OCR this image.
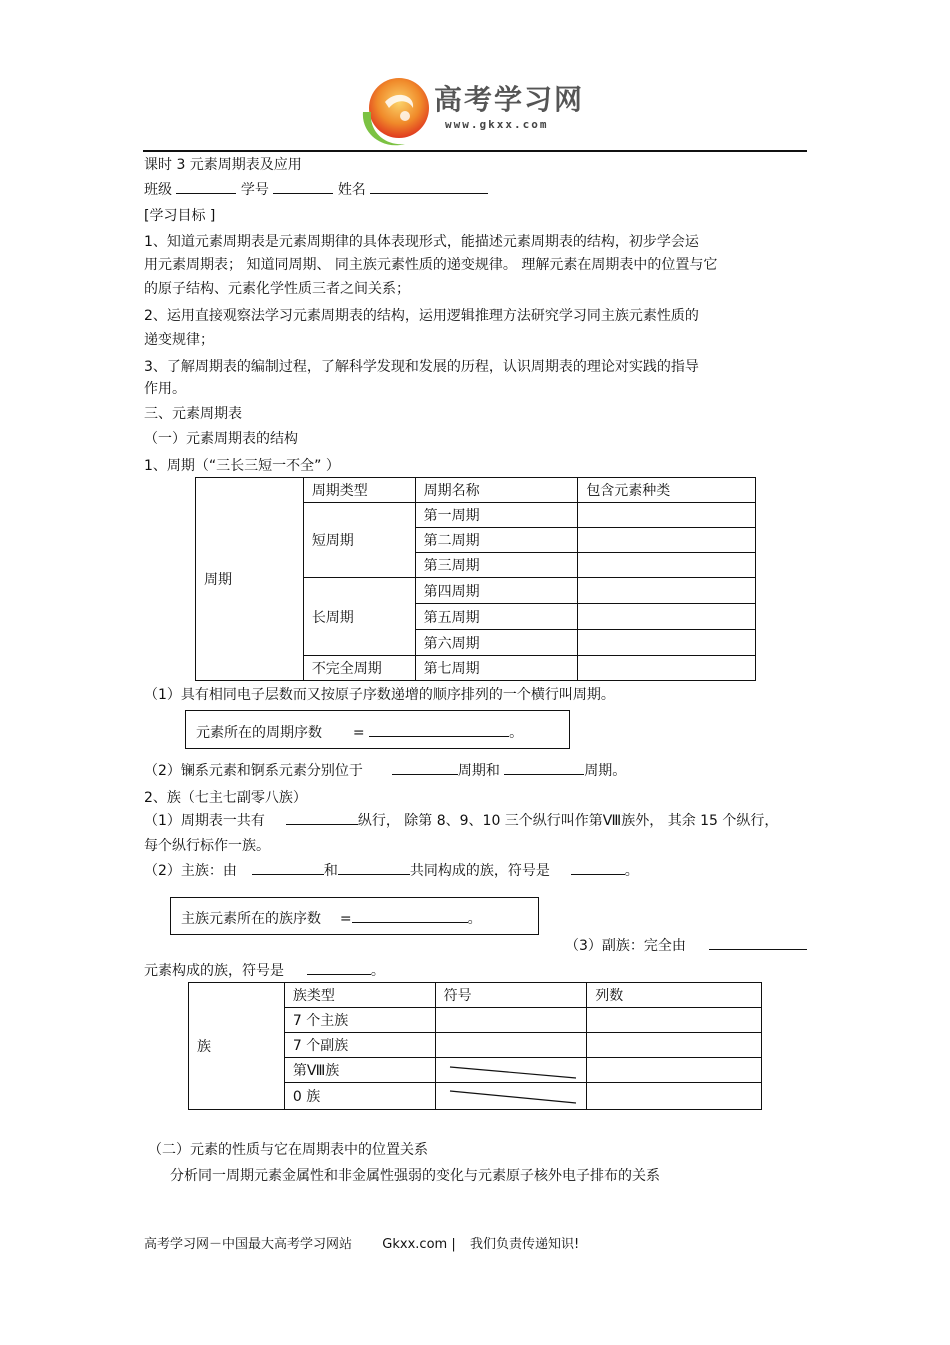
高考学习网
www.gkxx.com
课时 3 元素周期表及应用
班级	学号	姓名
[学习目标 ]
1、知道元素周期表是元素周期律的具体表现形式，能描述元素周期表的结构，初步学会运
用元素周期表； 知道同周期、 同主族元素性质的递变规律。 理解元素在周期表中的位置与它
的原子结构、元素化学性质三者之间关系；
2、运用直接观察法学习元素周期表的结构，运用逻辑推理方法研究学习同主族元素性质的
递变规律；
3、了解周期表的编制过程，了解科学发现和发展的历程，认识周期表的理论对实践的指导
作用。
三、元素周期表
（一）元素周期表的结构
1、周期（“三长三短一不全” ）
周期	周期类型	周期名称	包含元素种类
	短周期	第一周期	
		第二周期	
		第三周期	
	长周期	第四周期	
		第五周期	
		第六周期	
	不完全周期	第七周期	
（1）具有相同电子层数而又按原子序数递增的顺序排列的一个横行叫周期。
元素所在的周期序数 =	。
（2）镧系元素和锕系元素分别位于	周期和	周期。
2、族（七主七副零八族）
（1）周期表一共有	纵行， 除第 8、9、10 三个纵行叫作第Ⅷ族外， 其余 15 个纵行，
每个纵行标作一族。
（2）主族：由	和	共同构成的族，符号是	。
主族元素所在的族序数 =	。
（3）副族：完全由
元素构成的族，符号是	。
族	族类型	符号	列数
	7 个主族		
	7 个副族		
	第Ⅷ族	

	0 族	

（二）元素的性质与它在周期表中的位置关系
分析同一周期元素金属性和非金属性强弱的变化与元素原子核外电子排布的关系
高考学习网－中国最大高考学习网站 Gkxx.com | 我们负责传递知识!
